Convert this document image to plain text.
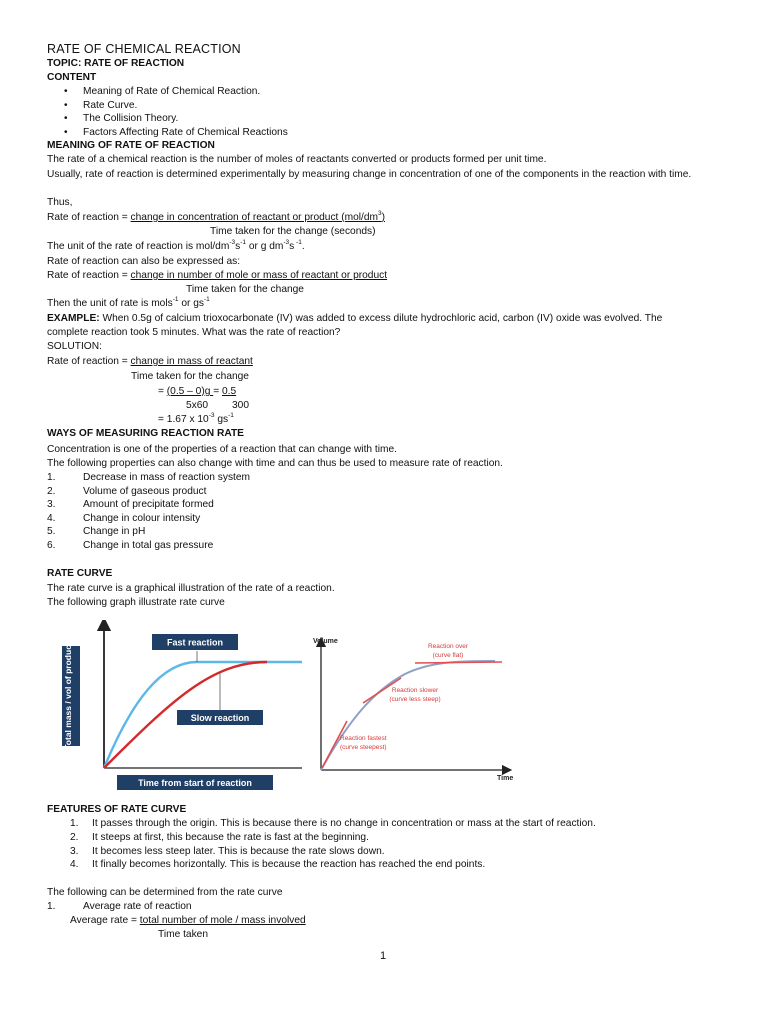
RATE OF CHEMICAL REACTION
TOPIC: RATE OF REACTION
CONTENT
• Meaning of Rate of Chemical Reaction.
• Rate Curve.
• The Collision Theory.
• Factors Affecting Rate of Chemical Reactions
MEANING OF RATE OF REACTION
The rate of a chemical reaction is the number of moles of reactants converted or products formed per unit time.
Usually, rate of reaction is determined experimentally by measuring change in concentration of one of the components in the reaction with time.
Thus,
Rate of reaction = change in concentration of reactant or product $(mol/dm^3)$
Time taken for the change (seconds)
The unit of the rate of reaction is mol/$dm^{-3}s^{-1}$ or g $dm^{-3}s$ $^{-1}$.
Rate of reaction can also be expressed as:
Rate of reaction = change in number of mole or mass of reactant or product
Time taken for the change
Then the unit of rate is mols$^{-1}$ or $gs^{-1}$
EXAMPLE: When 0.5g of calcium trioxocarbonate (IV) was added to excess dilute hydrochloric acid, carbon (IV) oxide was evolved. The
complete reaction took 5 minutes. What was the rate of reaction?
SOLUTION:
Rate of reaction = change in mass of reactant
Time taken for the change
= (0.5 – 0)g = 0.5
5x60 300
= 1.67 x $10^{-3}$ $gs^{-1}$
WAYS OF MEASURING REACTION RATE
Concentration is one of the properties of a reaction that can change with time.
The following properties can also change with time and can thus be used to measure rate of reaction.
1.	Decrease in mass of reaction system
2.	Volume of gaseous product
3.	Amount of precipitate formed
4.	Change in colour intensity
5.	Change in pH
6.	Change in total gas pressure
RATE CURVE
The rate curve is a graphical illustration of the rate of a reaction.
The following graph illustrate rate curve
Total mass / vol of product	Fast reaction
Slow reaction
Time from start of reaction
Volume
Time
Reaction over
(curve flat)
Reaction slower
(curve less steep)
Reaction fastest
(curve steepest)
FEATURES OF RATE CURVE
1. It passes through the origin. This is because there is no change in concentration or mass at the start of reaction.
2. It steeps at first, this because the rate is fast at the beginning.
3. It becomes less steep later. This is because the rate slows down.
4. It finally becomes horizontally. This is because the reaction has reached the end points.
The following can be determined from the rate curve
1.	Average rate of reaction
Average rate = total number of mole / mass involved
Time taken
1
